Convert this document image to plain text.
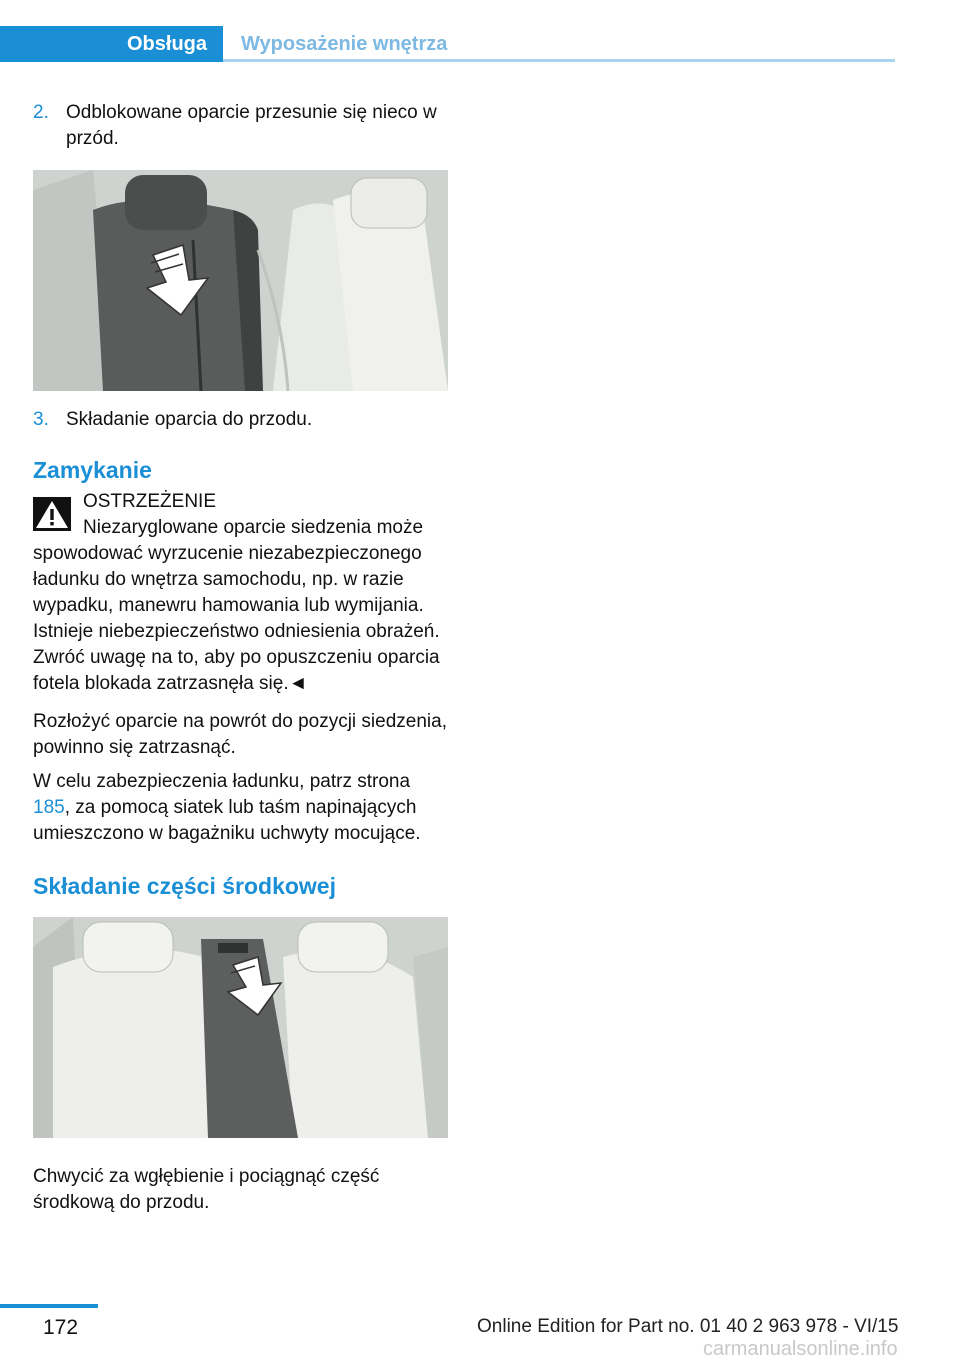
Obsługa	Wyposażenie wnętrza
2. Odblokowane oparcie przesunie się nieco w przód.
3. Składanie oparcia do przodu.
Zamykanie
OSTRZEŻENIE

Niezaryglowane oparcie siedzenia może spowodować wyrzucenie niezabezpieczonego ładunku do wnętrza samochodu, np. w razie wypadku, manewru hamowania lub wymijania. Istnieje niebezpieczeństwo odniesienia obrażeń. Zwróć uwagę na to, aby po opuszczeniu oparcia fotela blokada zatrzasnęła się.◄

Rozłożyć oparcie na powrót do pozycji siedzenia, powinno się zatrzasnąć.

W celu zabezpieczenia ładunku, patrz strona 185, za pomocą siatek lub taśm napinających umieszczono w bagażniku uchwyty mocujące.

Składanie części środkowej

Chwycić za wgłębienie i pociągnąć część środkową do przodu.

172	Online Edition for Part no. 01 40 2 963 978 - VI/15
carmanualsonline.info
